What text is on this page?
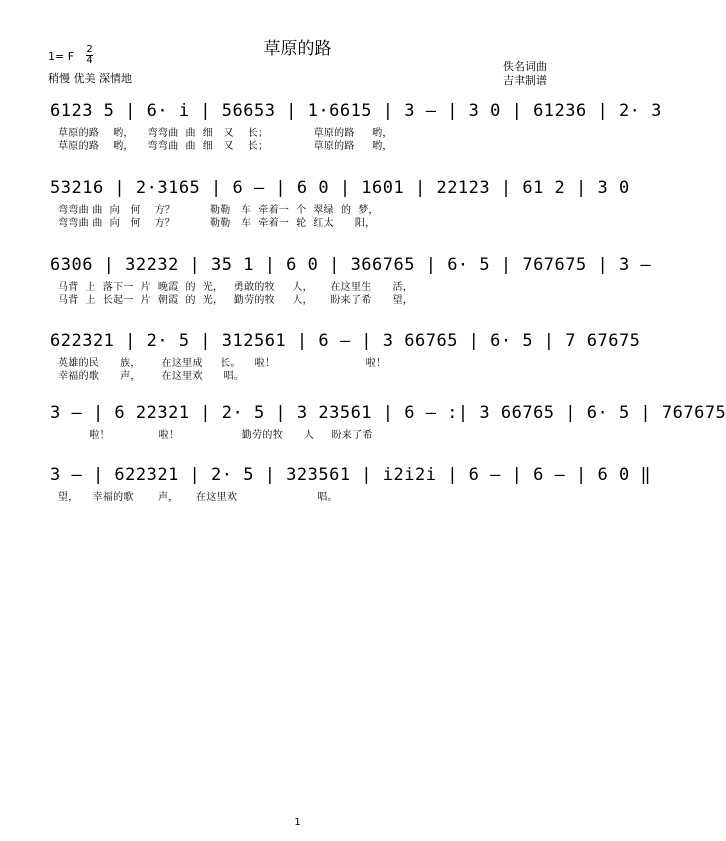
草原的路
1= F
2
4
稍慢 优美 深情地
佚名词曲
吉聿制谱
6123 5 | 6· i | 56653 | 1·6615 | 3 — | 3 0 | 61236 | 2· 3
草原的路    哟，    弯弯曲  曲  细   又    长；             草原的路     哟，
草原的路    哟，    弯弯曲  曲  细   又    长；             草原的路     哟，
53216 | 2·3165 | 6 — | 6 0 | 1601 | 22123 | 61 2 | 3 0
弯弯曲 曲  向   何    方？          勒勒   车  牵着一  个  翠绿  的  梦，
弯弯曲 曲  向   何    方？          勒勒   车  牵着一  轮  红太      阳，
6306 | 32232 | 35 1 | 6 0 | 366765 | 6· 5 | 767675 | 3 —
马背  上  落下一  片  晚霞  的  光，   勇敢的牧     人，     在这里生      活，
马背  上  长起一  片  朝霞  的  光，   勤劳的牧     人，     盼来了希      望，
622321 | 2· 5 | 312561 | 6 — | 3 66765 | 6· 5 | 7 67675
英雄的民      族，      在这里成     长。    啦！                          啦！
幸福的歌      声，      在这里欢      唱。
3 — | 6 22321 | 2· 5 | 3 23561 | 6 — :| 3 66765 | 6· 5 | 767675
啦！              啦！                  勤劳的牧      人     盼来了希
3 — | 622321 | 2· 5 | 323561 | i2i2i | 6 — | 6 — | 6 0 ‖
望，    幸福的歌       声，     在这里欢                       唱。
1
